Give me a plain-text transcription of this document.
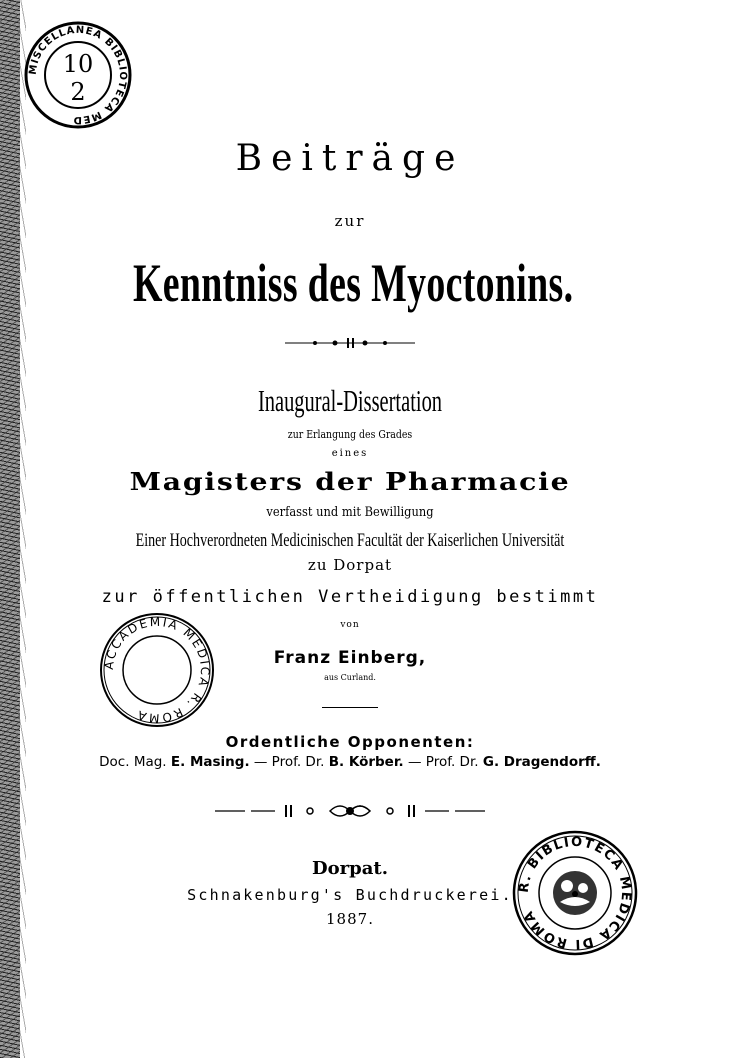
MISCELLANEA BIBLIOTECA MED
10
2
Beiträge
zur
Kenntniss des Myoctonins.
Inaugural-Dissertation
zur Erlangung des Grades
eines
Magisters der Pharmacie
verfasst und mit Bewilligung
Einer Hochverordneten Medicinischen Facultät der Kaiserlichen Universität
zu Dorpat
zur öffentlichen Vertheidigung bestimmt
von
Franz Einberg,
aus Curland.
ACCADEMIA MEDICA R. ROMA
Ordentliche Opponenten:
Doc. Mag. E. Masing. — Prof. Dr. B. Körber. — Prof. Dr. G. Dragendorff.
Dorpat.
Schnakenburg's Buchdruckerei.
1887.
R. BIBLIOTECA MEDICA DI ROMA
